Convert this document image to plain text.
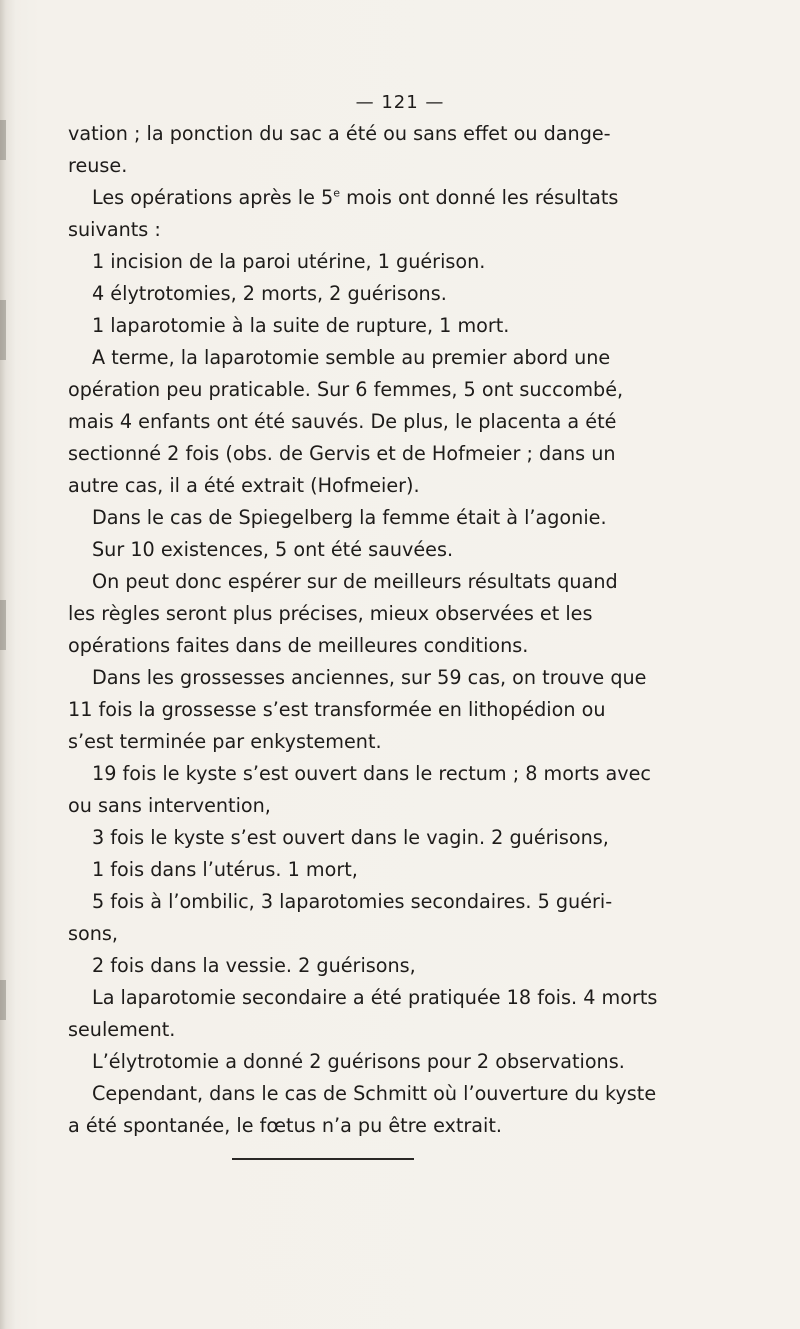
— 121 —
vation ; la ponction du sac a été ou sans effet ou dange-
reuse.
Les opérations après le 5e mois ont donné les résultats
suivants :
1 incision de la paroi utérine, 1 guérison.
4 élytrotomies, 2 morts, 2 guérisons.
1 laparotomie à la suite de rupture, 1 mort.
A terme, la laparotomie semble au premier abord une
opération peu praticable. Sur 6 femmes, 5 ont succombé,
mais 4 enfants ont été sauvés. De plus, le placenta a été
sectionné 2 fois (obs. de Gervis et de Hofmeier ; dans un
autre cas, il a été extrait (Hofmeier).
Dans le cas de Spiegelberg la femme était à l’agonie.
Sur 10 existences, 5 ont été sauvées.
On peut donc espérer sur de meilleurs résultats quand
les règles seront plus précises, mieux observées et les
opérations faites dans de meilleures conditions.
Dans les grossesses anciennes, sur 59 cas, on trouve que
11 fois la grossesse s’est transformée en lithopédion ou
s’est terminée par enkystement.
19 fois le kyste s’est ouvert dans le rectum ; 8 morts avec
ou sans intervention,
3 fois le kyste s’est ouvert dans le vagin. 2 guérisons,
1 fois dans l’utérus. 1 mort,
5 fois à l’ombilic, 3 laparotomies secondaires. 5 guéri-
sons,
2 fois dans la vessie. 2 guérisons,
La laparotomie secondaire a été pratiquée 18 fois. 4 morts
seulement.
L’élytrotomie a donné 2 guérisons pour 2 observations.
Cependant, dans le cas de Schmitt où l’ouverture du kyste
a été spontanée, le fœtus n’a pu être extrait.
